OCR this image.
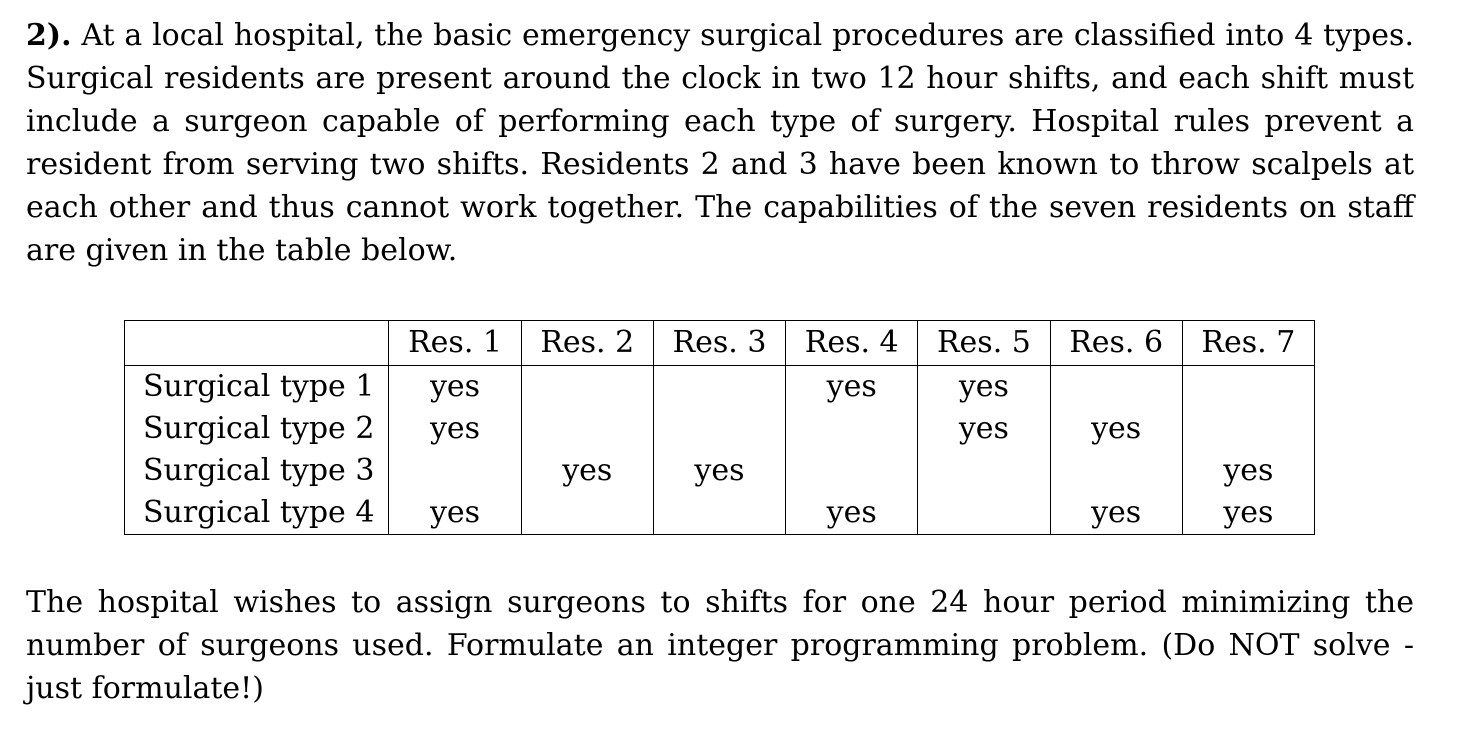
2). At a local hospital, the basic emergency surgical procedures are classified into 4 types. Surgical residents are present around the clock in two 12 hour shifts, and each shift must include a surgeon capable of performing each type of surgery. Hospital rules prevent a resident from serving two shifts. Residents 2 and 3 have been known to throw scalpels at each other and thus cannot work together. The capabilities of the seven residents on staff are given in the table below.

	Res. 1	Res. 2	Res. 3	Res. 4	Res. 5	Res. 6	Res. 7
Surgical type 1	yes			yes	yes		
Surgical type 2	yes				yes	yes	
Surgical type 3		yes	yes				yes
Surgical type 4	yes			yes		yes	yes

The hospital wishes to assign surgeons to shifts for one 24 hour period minimizing the number of surgeons used. Formulate an integer programming problem. (Do NOT solve - just formulate!)
